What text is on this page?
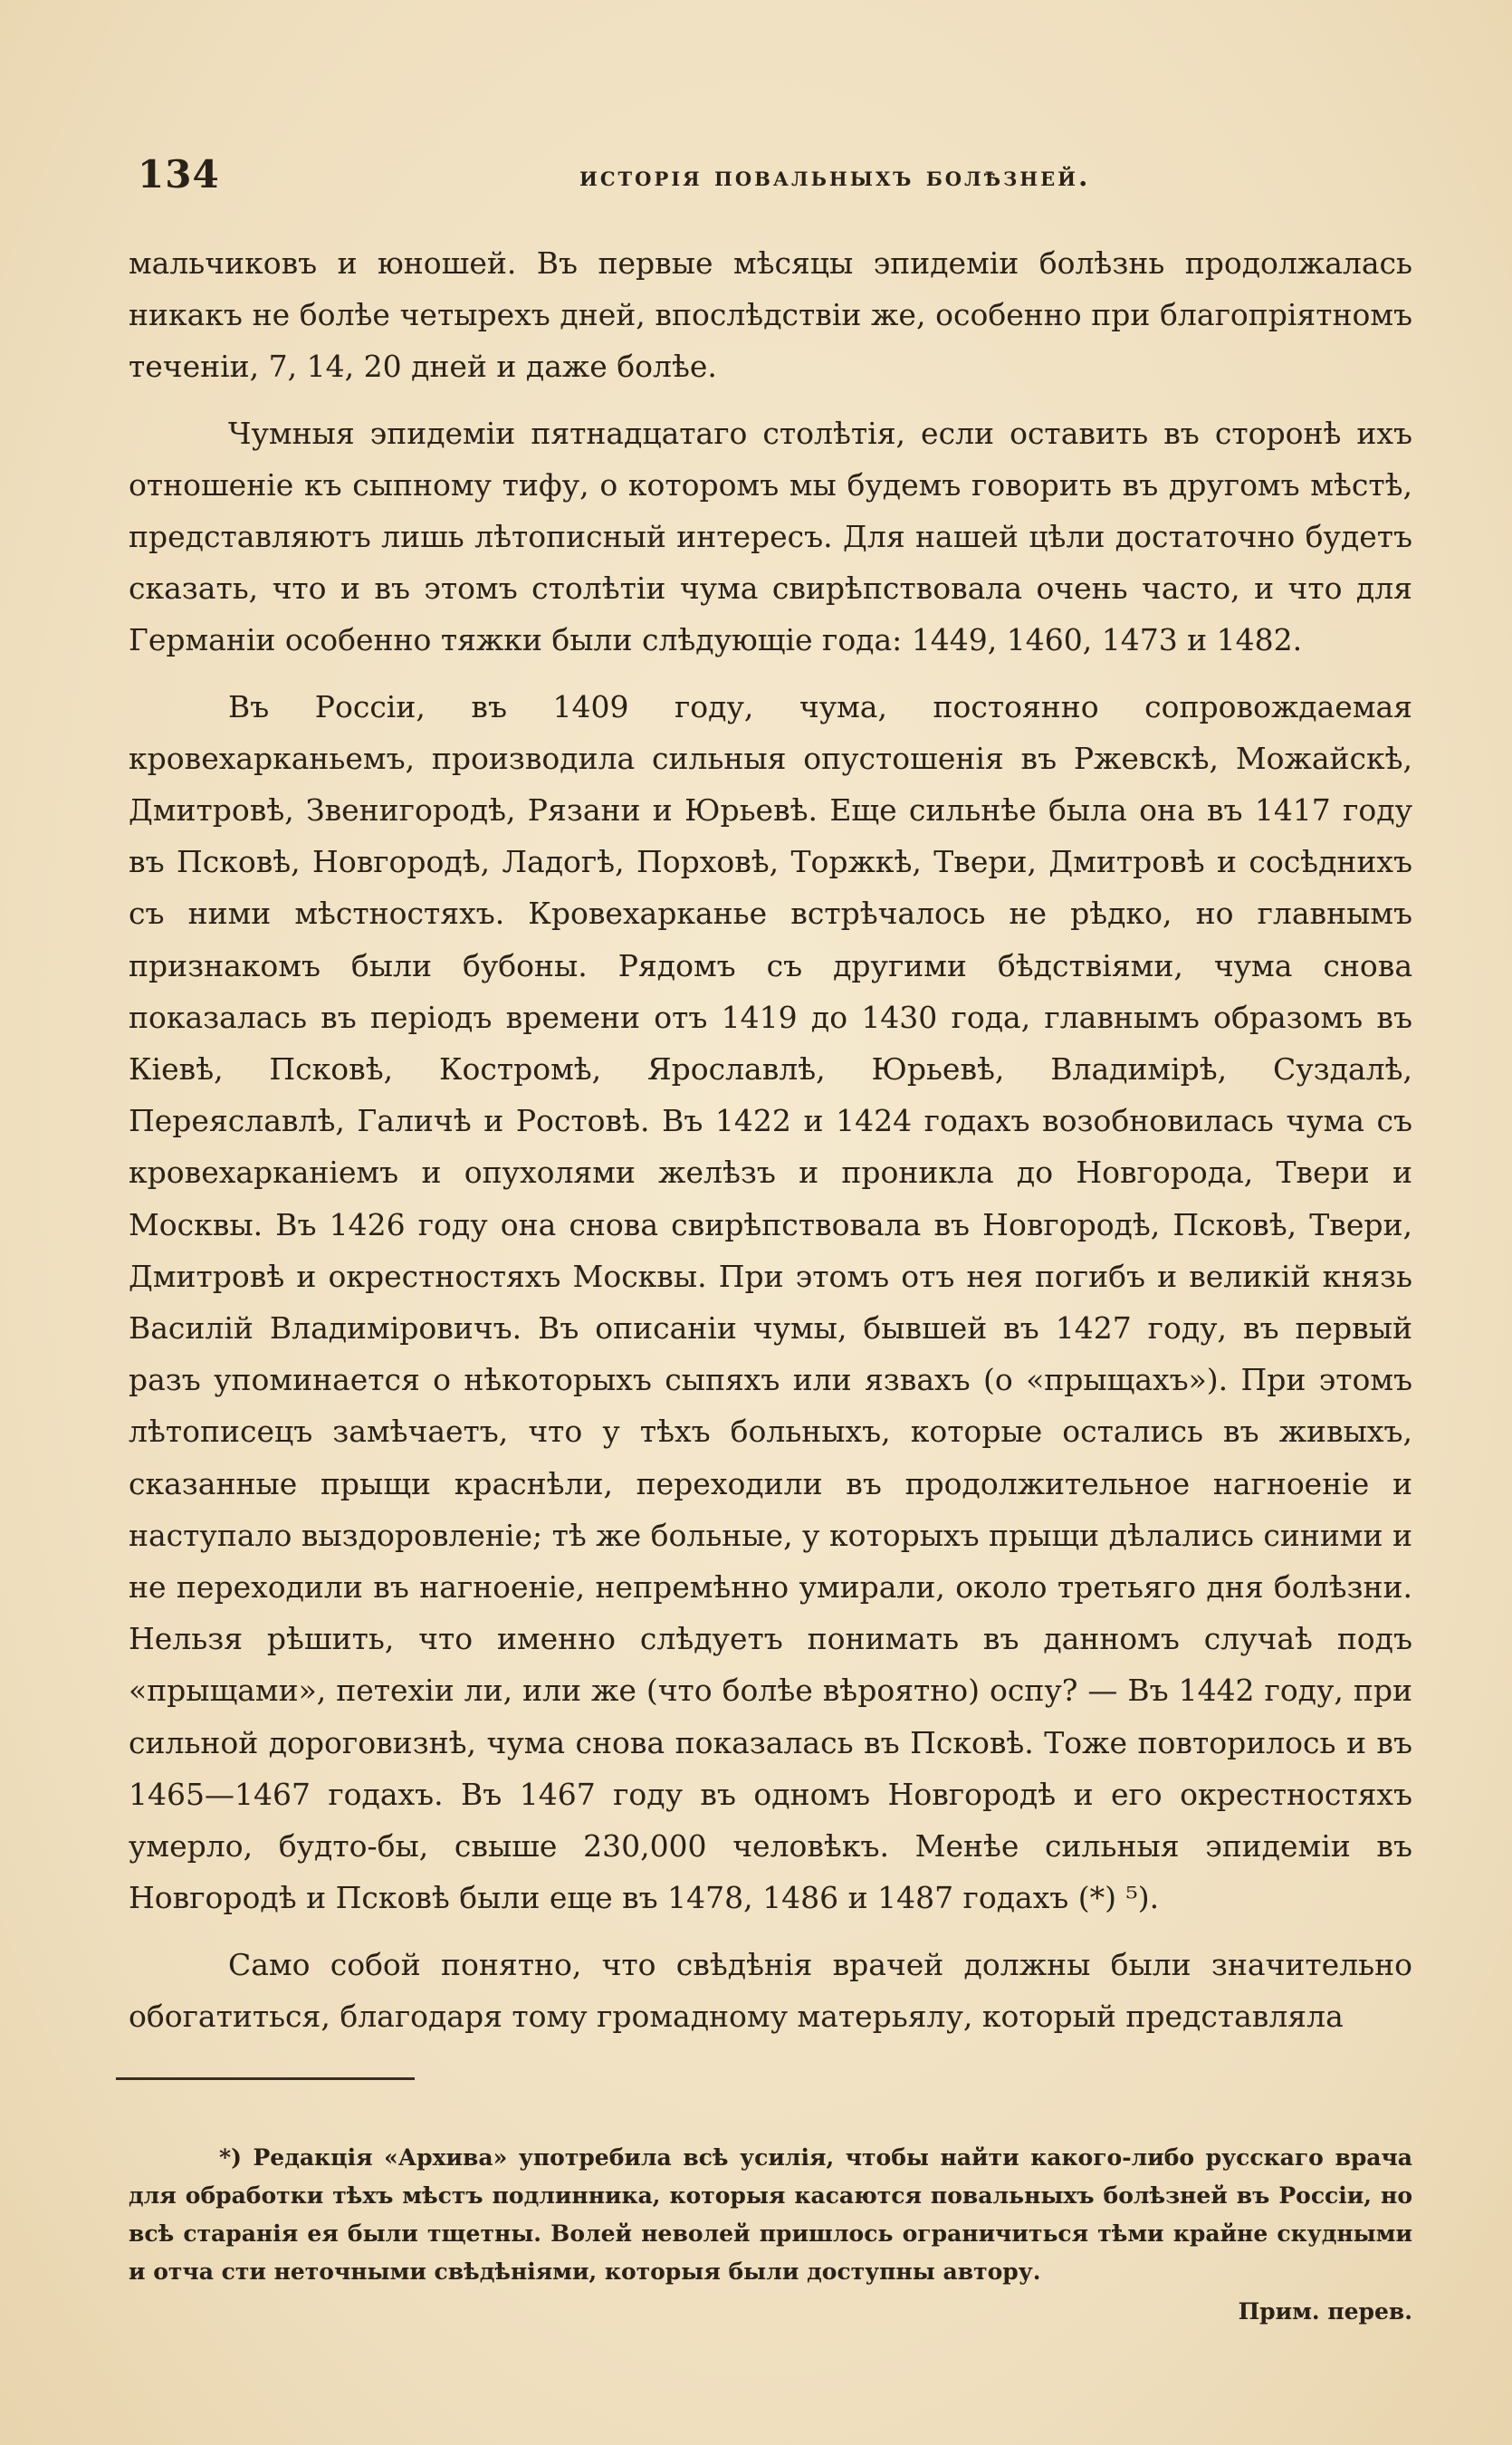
134	исторія повальныхъ болѣзней.

мальчиковъ и юношей. Въ первые мѣсяцы эпидеміи болѣзнь продолжалась никакъ не болѣе четырехъ дней, впослѣдствіи же, особенно при благопріятномъ теченіи, 7, 14, 20 дней и даже болѣе.

Чумныя эпидеміи пятнадцатаго столѣтія, если оставить въ сторонѣ ихъ отношеніе къ сыпному тифу, о которомъ мы будемъ говорить въ другомъ мѣстѣ, представляютъ лишь лѣтописный интересъ. Для нашей цѣли достаточно будетъ сказать, что и въ этомъ столѣтіи чума свирѣпствовала очень часто, и что для Германіи особенно тяжки были слѣдующіе года: 1449, 1460, 1473 и 1482.

Въ Россіи, въ 1409 году, чума, постоянно сопровождаемая кровехарканьемъ, производила сильныя опустошенія въ Ржевскѣ, Можайскѣ, Дмитровѣ, Звенигородѣ, Рязани и Юрьевѣ. Еще сильнѣе была она въ 1417 году въ Псковѣ, Новгородѣ, Ладогѣ, Порховѣ, Торжкѣ, Твери, Дмитровѣ и сосѣднихъ съ ними мѣстностяхъ. Кровехарканье встрѣчалось не рѣдко, но главнымъ признакомъ были бубоны. Рядомъ съ другими бѣдствіями, чума снова показалась въ періодъ времени отъ 1419 до 1430 года, главнымъ образомъ въ Кіевѣ, Псковѣ, Костромѣ, Ярославлѣ, Юрьевѣ, Владимірѣ, Суздалѣ, Переяславлѣ, Галичѣ и Ростовѣ. Въ 1422 и 1424 годахъ возобновилась чума съ кровехарканіемъ и опухолями желѣзъ и проникла до Новгорода, Твери и Москвы. Въ 1426 году она снова свирѣпствовала въ Новгородѣ, Псковѣ, Твери, Дмитровѣ и окрестностяхъ Москвы. При этомъ отъ нея погибъ и великій князь Василій Владиміровичъ. Въ описаніи чумы, бывшей въ 1427 году, въ первый разъ упоминается о нѣкоторыхъ сыпяхъ или язвахъ (о «прыщахъ»). При этомъ лѣтописецъ замѣчаетъ, что у тѣхъ больныхъ, которые остались въ живыхъ, сказанные прыщи краснѣли, переходили въ продолжительное нагноеніе и наступало выздоровленіе; тѣ же больные, у которыхъ прыщи дѣлались синими и не переходили въ нагноеніе, непремѣнно умирали, около третьяго дня болѣзни. Нельзя рѣшить, что именно слѣдуетъ понимать въ данномъ случаѣ подъ «прыщами», петехіи ли, или же (что болѣе вѣроятно) оспу? — Въ 1442 году, при сильной дороговизнѣ, чума снова показалась въ Псковѣ. Тоже повторилось и въ 1465—1467 годахъ. Въ 1467 году въ одномъ Новгородѣ и его окрестностяхъ умерло, будто-бы, свыше 230,000 человѣкъ. Менѣе сильныя эпидеміи въ Новгородѣ и Псковѣ были еще въ 1478, 1486 и 1487 годахъ (*) ⁵).

Само собой понятно, что свѣдѣнія врачей должны были значительно обогатиться, благодаря тому громадному матерьялу, который представляла

*) Редакція «Архива» употребила всѣ усилія, чтобы найти какого-либо русскаго врача для обработки тѣхъ мѣстъ подлинника, которыя касаются повальныхъ болѣзней въ Россіи, но всѣ старанія ея были тщетны. Волей неволей пришлось ограничиться тѣми крайне скудными и отча сти неточными свѣдѣніями, которыя были доступны автору.

Прим. перев.
